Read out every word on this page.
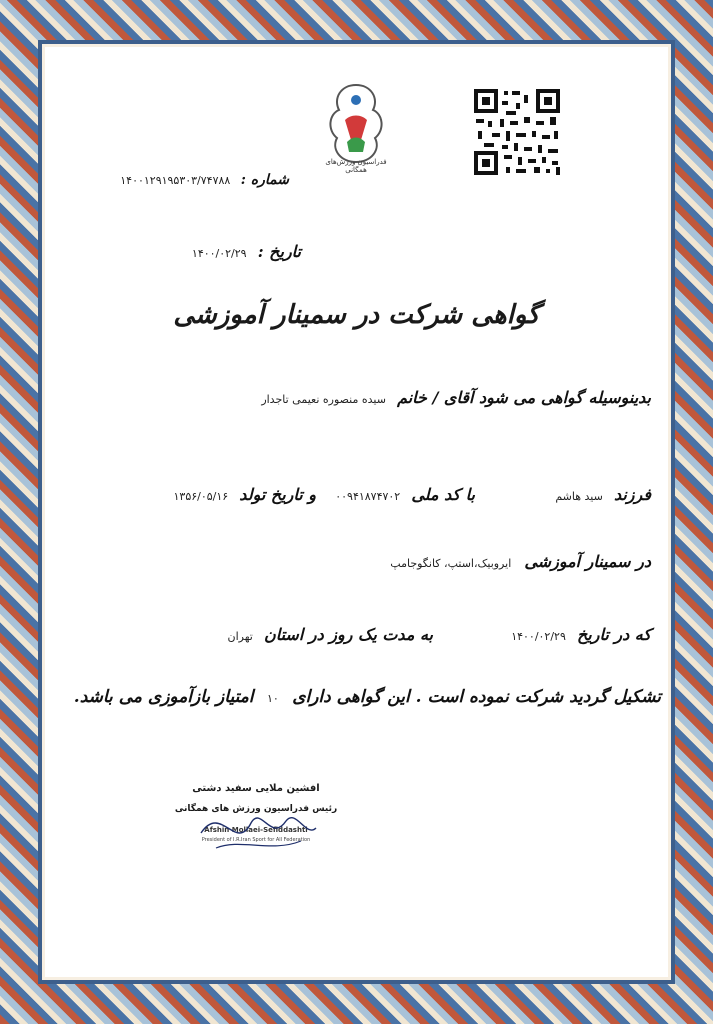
فدراسیون ورزش‌های همگانی
شماره : ۱۴۰۰۱۲۹۱۹۵۳۰۳/۷۴۷۸۸
تاریخ : ۱۴۰۰/۰۲/۲۹
گواهی شرکت در سمینار آموزشی
بدینوسیله گواهی می شود آقای / خانم سیده منصوره نعیمی تاجدار
فرزند سید هاشم
با کد ملی ۰۰۹۴۱۸۷۴۷۰۲
و تاریخ تولد ۱۳۵۶/۰۵/۱۶
در سمینار آموزشی ایروبیک،استپ، کانگوجامپ
که در تاریخ ۱۴۰۰/۰۲/۲۹
به مدت یک روز در استان تهران
تشکیل گردید شرکت نموده است . این گواهی دارای ۱۰ امتیاز بازآموزی می باشد.
افشین ملایی سفید دشتی
رئیس فدراسیون ورزش های همگانی
Afshin Mollaei-Sefiddashti
President of I.R.Iran Sport for All Federation
